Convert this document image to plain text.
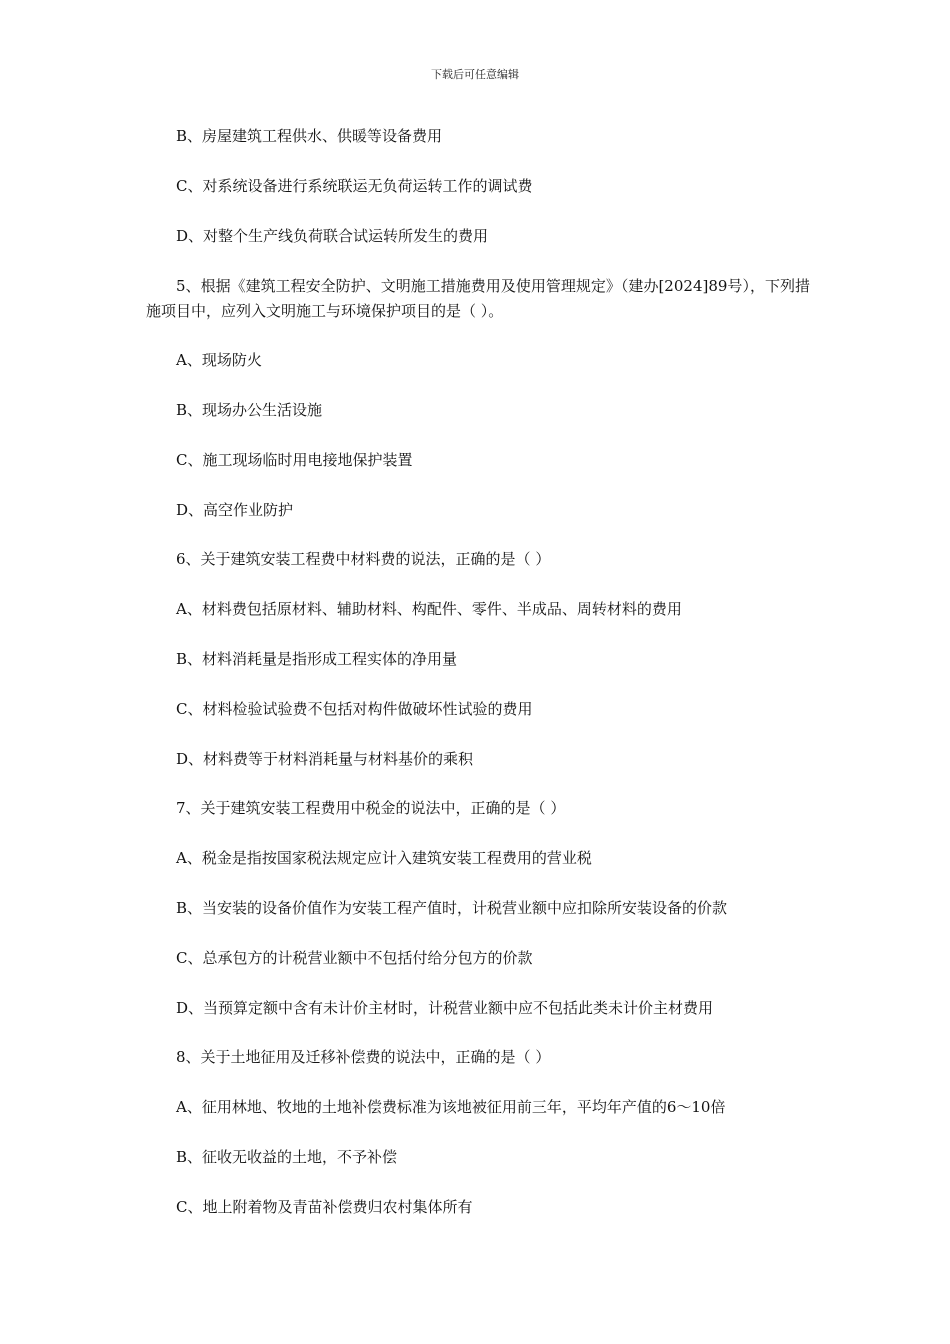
下载后可任意编辑
B、房屋建筑工程供水、供暖等设备费用
C、对系统设备进行系统联运无负荷运转工作的调试费
D、对整个生产线负荷联合试运转所发生的费用
5、根据《建筑工程安全防护、文明施工措施费用及使用管理规定》（建办[2024]89号），下列措施项目中，应列入文明施工与环境保护项目的是（ ）。
A、现场防火
B、现场办公生活设施
C、施工现场临时用电接地保护装置
D、高空作业防护
6、关于建筑安装工程费中材料费的说法，正确的是（ ）
A、材料费包括原材料、辅助材料、构配件、零件、半成品、周转材料的费用
B、材料消耗量是指形成工程实体的净用量
C、材料检验试验费不包括对构件做破坏性试验的费用
D、材料费等于材料消耗量与材料基价的乘积
7、关于建筑安装工程费用中税金的说法中，正确的是（ ）
A、税金是指按国家税法规定应计入建筑安装工程费用的营业税
B、当安装的设备价值作为安装工程产值时，计税营业额中应扣除所安装设备的价款
C、总承包方的计税营业额中不包括付给分包方的价款
D、当预算定额中含有未计价主材时，计税营业额中应不包括此类未计价主材费用
8、关于土地征用及迁移补偿费的说法中，正确的是（ ）
A、征用林地、牧地的土地补偿费标准为该地被征用前三年，平均年产值的6～10倍
B、征收无收益的土地，不予补偿
C、地上附着物及青苗补偿费归农村集体所有
